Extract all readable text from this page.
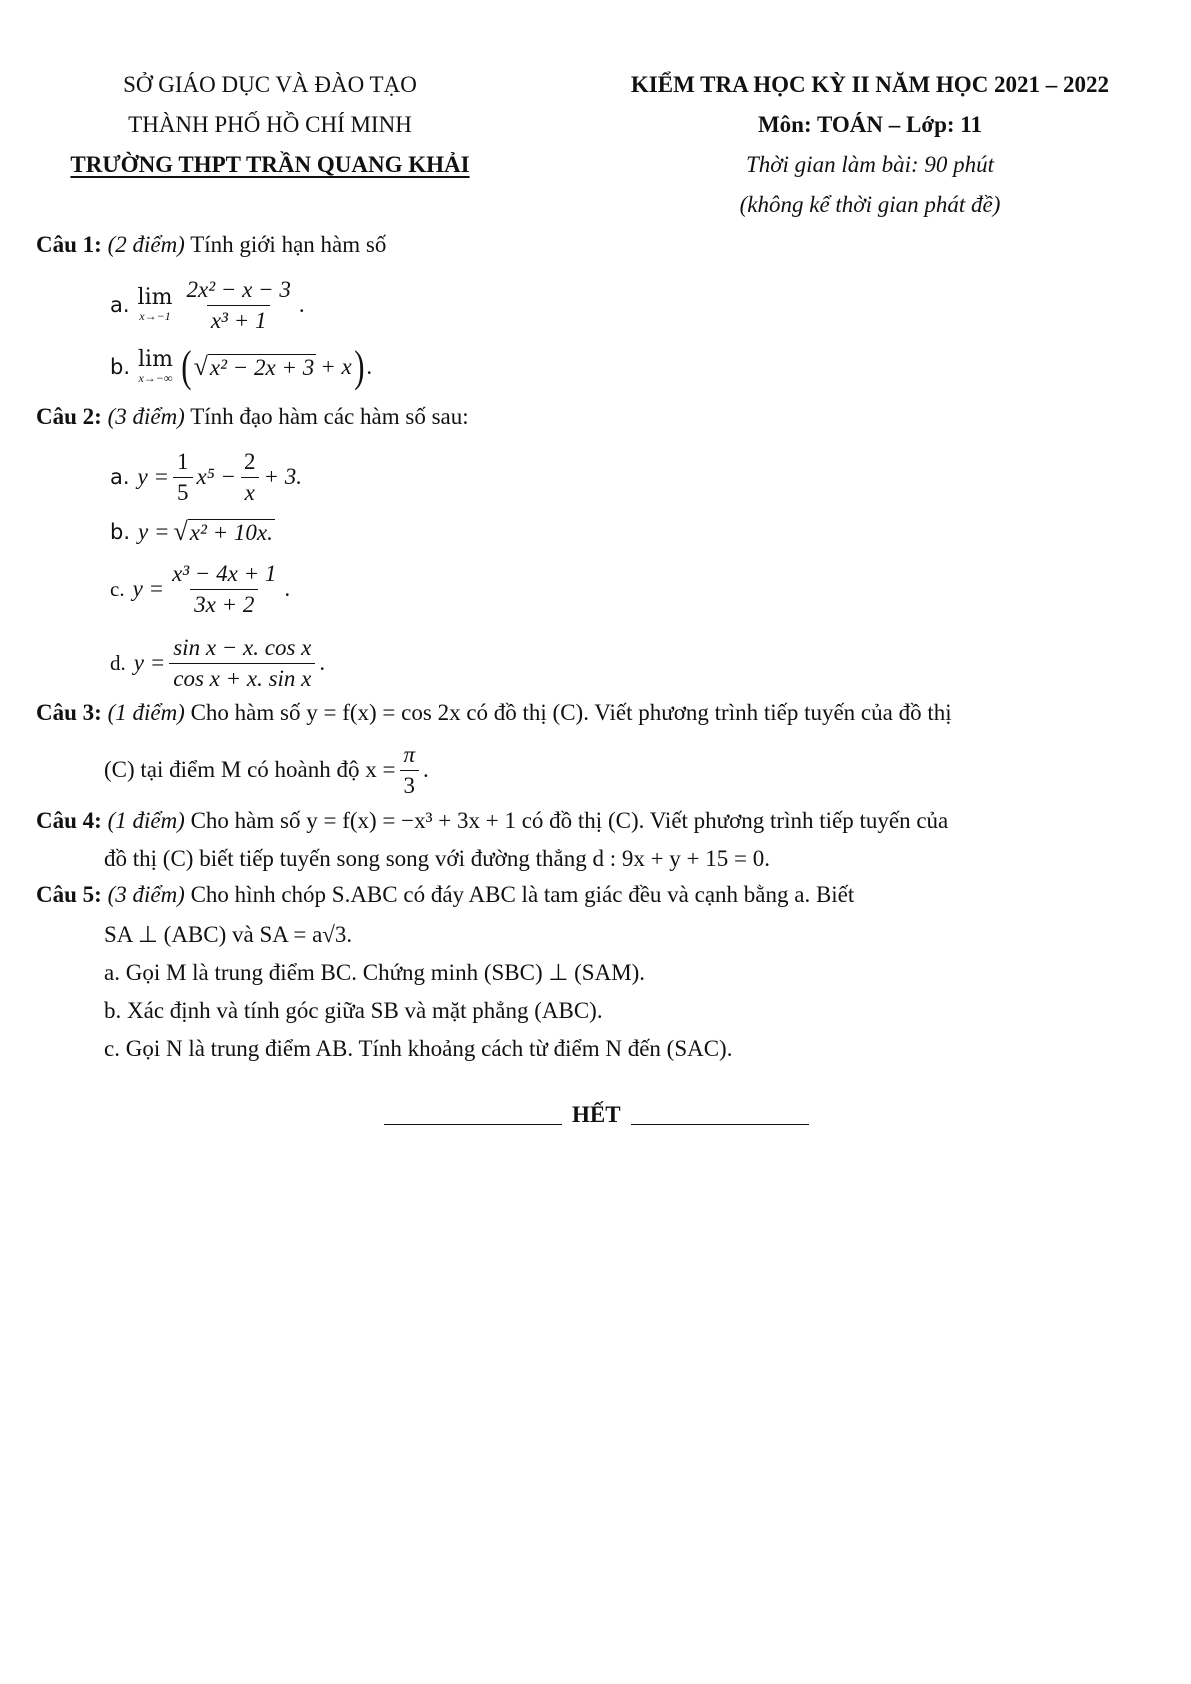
SỞ GIÁO DỤC VÀ ĐÀO TẠO
THÀNH PHỐ HỒ CHÍ MINH
TRƯỜNG THPT TRẦN QUANG KHẢI
KIỂM TRA HỌC KỲ II NĂM HỌC 2021 – 2022
Môn: TOÁN – Lớp: 11
Thời gian làm bài: 90 phút
(không kể thời gian phát đề)
Câu 1: (2 điểm) Tính giới hạn hàm số
a. lim
$x\to-1 \frac{\text{2x² − x − 3}}{\text{x³ + 1}}$ .
b. lim
x→−∞ ( √ x² − 2x + 3 + x ) .
Câu 2: (3 điểm) Tính đạo hàm các hàm số sau:
a. $y = \frac{1}{5} x^5 - \frac{2}{x} + 3$.
b. y = √ x² + 10x.
c. $y = \frac{\text{x³ − 4x + 1}}{3x + 2}$ .
d. $y = \frac{\text{sin x − x. cos x}}{\text{cos x + x. sin x}}$ .
Câu 3: (1 điểm) Cho hàm số y = f(x) = cos 2x có đồ thị (C). Viết phương trình tiếp tuyến của đồ thị
(C) tại điểm M có hoành độ $x = \frac{\pi}{3}$ .
Câu 4: (1 điểm) Cho hàm số y = f(x) = −x³ + 3x + 1 có đồ thị (C). Viết phương trình tiếp tuyến của
đồ thị (C) biết tiếp tuyến song song với đường thẳng d : 9x + y + 15 = 0.
Câu 5: (3 điểm) Cho hình chóp S.ABC có đáy ABC là tam giác đều và cạnh bằng a. Biết
SA ⊥ (ABC) và SA = a√3.
a. Gọi M là trung điểm BC. Chứng minh (SBC) ⊥ (SAM).
b. Xác định và tính góc giữa SB và mặt phẳng (ABC).
c. Gọi N là trung điểm AB. Tính khoảng cách từ điểm N đến (SAC).
HẾT
